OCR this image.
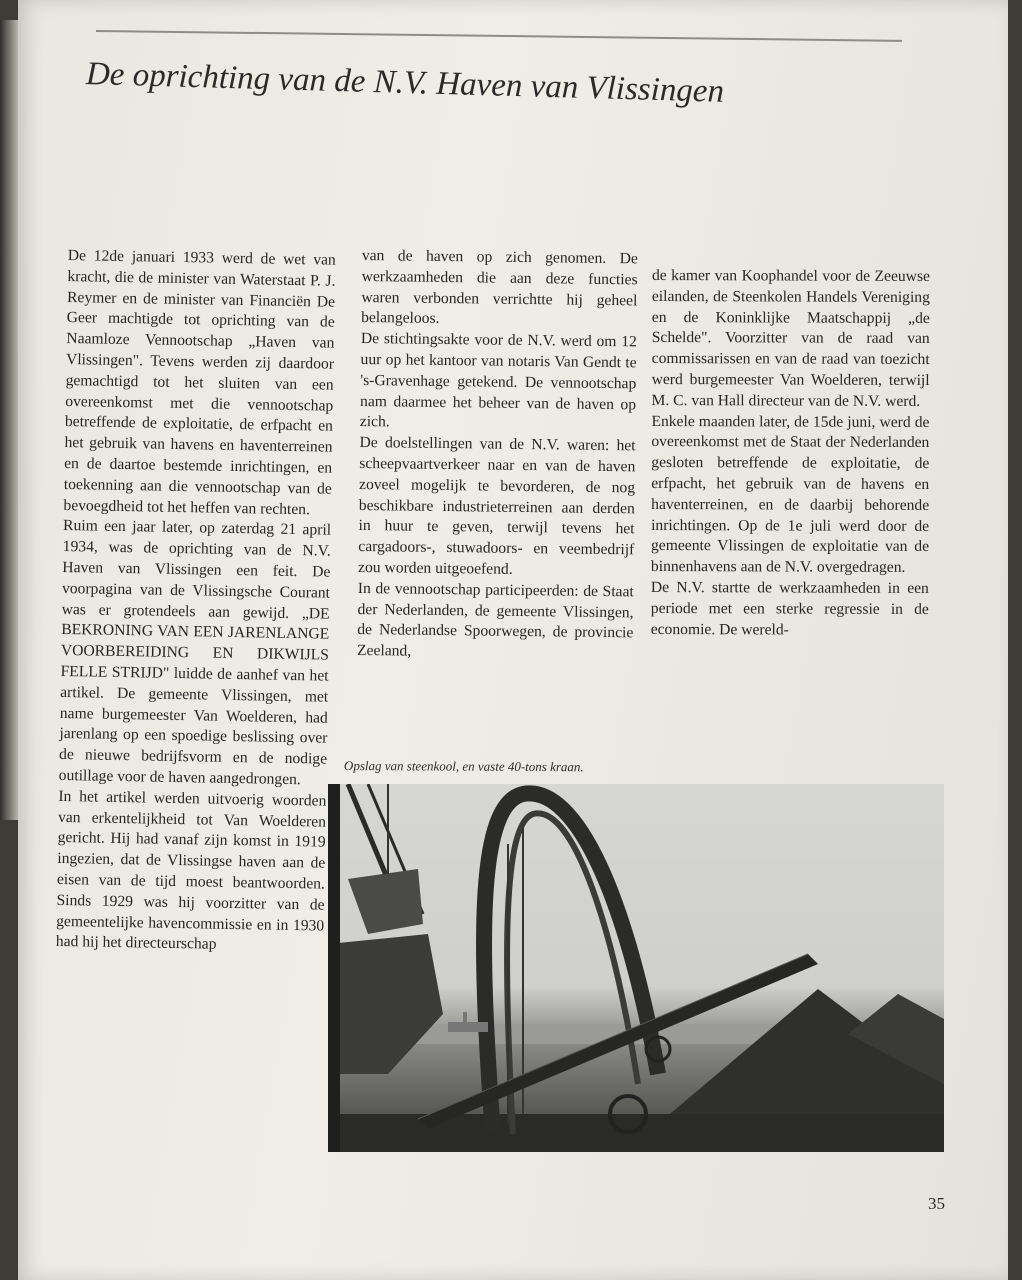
De oprichting van de N.V. Haven van Vlissingen

De 12de januari 1933 werd de wet van kracht, die de minister van Waterstaat P. J. Reymer en de minister van Financiën De Geer machtigde tot oprichting van de Naamloze Vennootschap „Haven van Vlissingen". Tevens werden zij daardoor gemachtigd tot het sluiten van een overeenkomst met die vennootschap betreffende de exploitatie, de erfpacht en het gebruik van havens en haventerreinen en de daartoe bestemde inrichtingen, en toekenning aan die vennootschap van de bevoegdheid tot het heffen van rechten.

Ruim een jaar later, op zaterdag 21 april 1934, was de oprichting van de N.V. Haven van Vlissingen een feit. De voorpagina van de Vlissingsche Courant was er grotendeels aan gewijd. „DE BEKRONING VAN EEN JARENLANGE VOORBEREIDING EN DIKWIJLS FELLE STRIJD" luidde de aanhef van het artikel. De gemeente Vlissingen, met name burgemeester Van Woelderen, had jarenlang op een spoedige beslissing over de nieuwe bedrijfsvorm en de nodige outillage voor de haven aangedrongen.

In het artikel werden uitvoerig woorden van erkentelijkheid tot Van Woelderen gericht. Hij had vanaf zijn komst in 1919 ingezien, dat de Vlissingse haven aan de eisen van de tijd moest beantwoorden. Sinds 1929 was hij voorzitter van de gemeentelijke havencommissie en in 1930 had hij het directeurschap

van de haven op zich genomen. De werkzaamheden die aan deze functies waren verbonden verrichtte hij geheel belangeloos.

De stichtingsakte voor de N.V. werd om 12 uur op het kantoor van notaris Van Gendt te 's-Gravenhage getekend. De vennootschap nam daarmee het beheer van de haven op zich.

De doelstellingen van de N.V. waren: het scheepvaartverkeer naar en van de haven zoveel mogelijk te bevorderen, de nog beschikbare industrieterreinen aan derden in huur te geven, terwijl tevens het cargadoors-, stuwadoors- en veembedrijf zou worden uitgeoefend.

In de vennootschap participeerden: de Staat der Nederlanden, de gemeente Vlissingen, de Nederlandse Spoorwegen, de provincie Zeeland,

de kamer van Koophandel voor de Zeeuwse eilanden, de Steenkolen Handels Vereniging en de Koninklijke Maatschappij „de Schelde". Voorzitter van de raad van commissarissen en van de raad van toezicht werd burgemeester Van Woelderen, terwijl M. C. van Hall directeur van de N.V. werd.

Enkele maanden later, de 15de juni, werd de overeenkomst met de Staat der Nederlanden gesloten betreffende de exploitatie, de erfpacht, het gebruik van de havens en haventerreinen, en de daarbij behorende inrichtingen. Op de 1e juli werd door de gemeente Vlissingen de exploitatie van de binnenhavens aan de N.V. overgedragen.

De N.V. startte de werkzaamheden in een periode met een sterke regressie in de economie. De wereld-

Opslag van steenkool, en vaste 40-tons kraan.
35
